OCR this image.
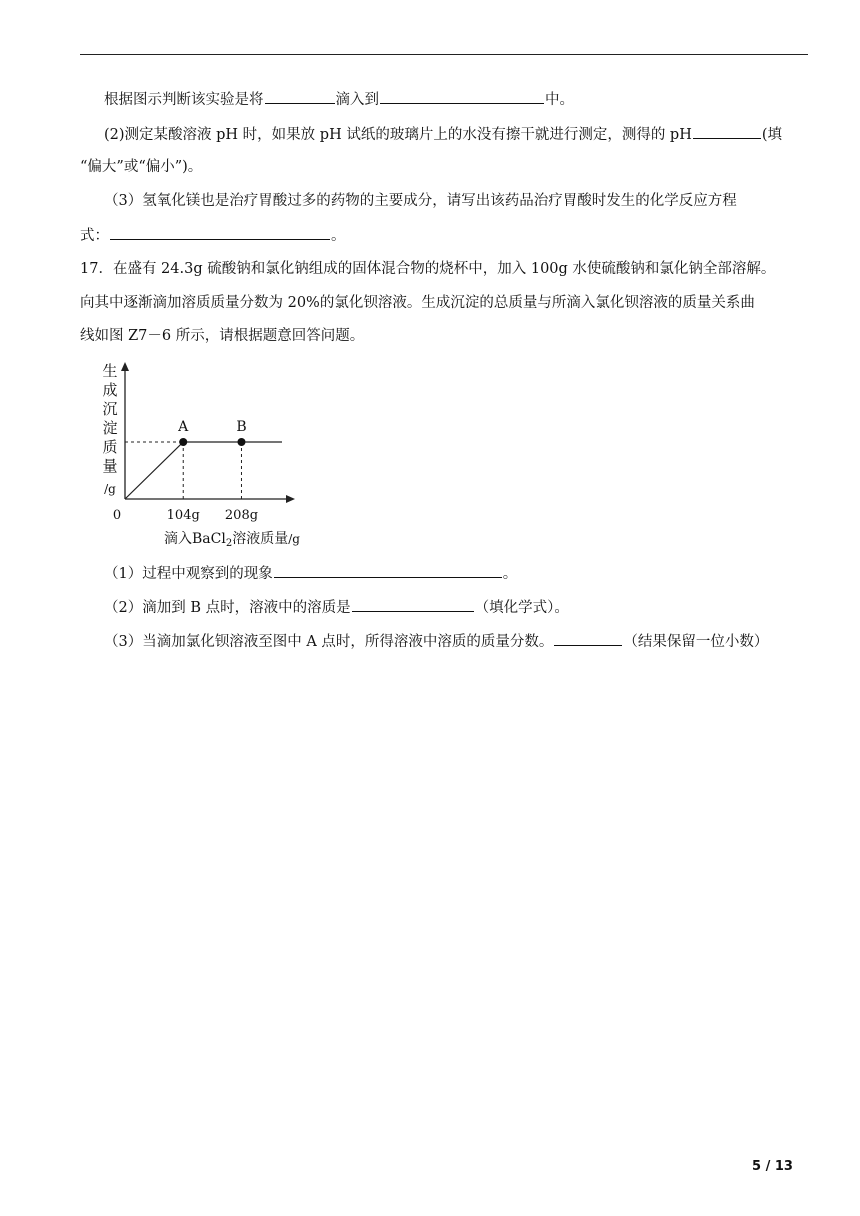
根据图示判断该实验是将	滴入到	中。
(2)测定某酸溶液 pH 时，如果放 pH 试纸的玻璃片上的水没有擦干就进行测定，测得的 pH	(填
“偏大”或“偏小”)。
（3）氢氧化镁也是治疗胃酸过多的药物的主要成分，请写出该药品治疗胃酸时发生的化学反应方程
式：	。
17．在盛有 24.3g 硫酸钠和氯化钠组成的固体混合物的烧杯中，加入 100g 水使硫酸钠和氯化钠全部溶解。
向其中逐渐滴加溶质质量分数为 20%的氯化钡溶液。生成沉淀的总质量与所滴入氯化钡溶液的质量关系曲
线如图 Z7－6 所示，请根据题意回答问题。
生
成
沉
淀
质
量
/g
A	B
0	104g 208g
滴入BaCl$_2$溶液质量/g
（1）过程中观察到的现象	。
（2）滴加到 B 点时，溶液中的溶质是	（填化学式）。
（3）当滴加氯化钡溶液至图中 A 点时，所得溶液中溶质的质量分数。	（结果保留一位小数）
5 / 13
